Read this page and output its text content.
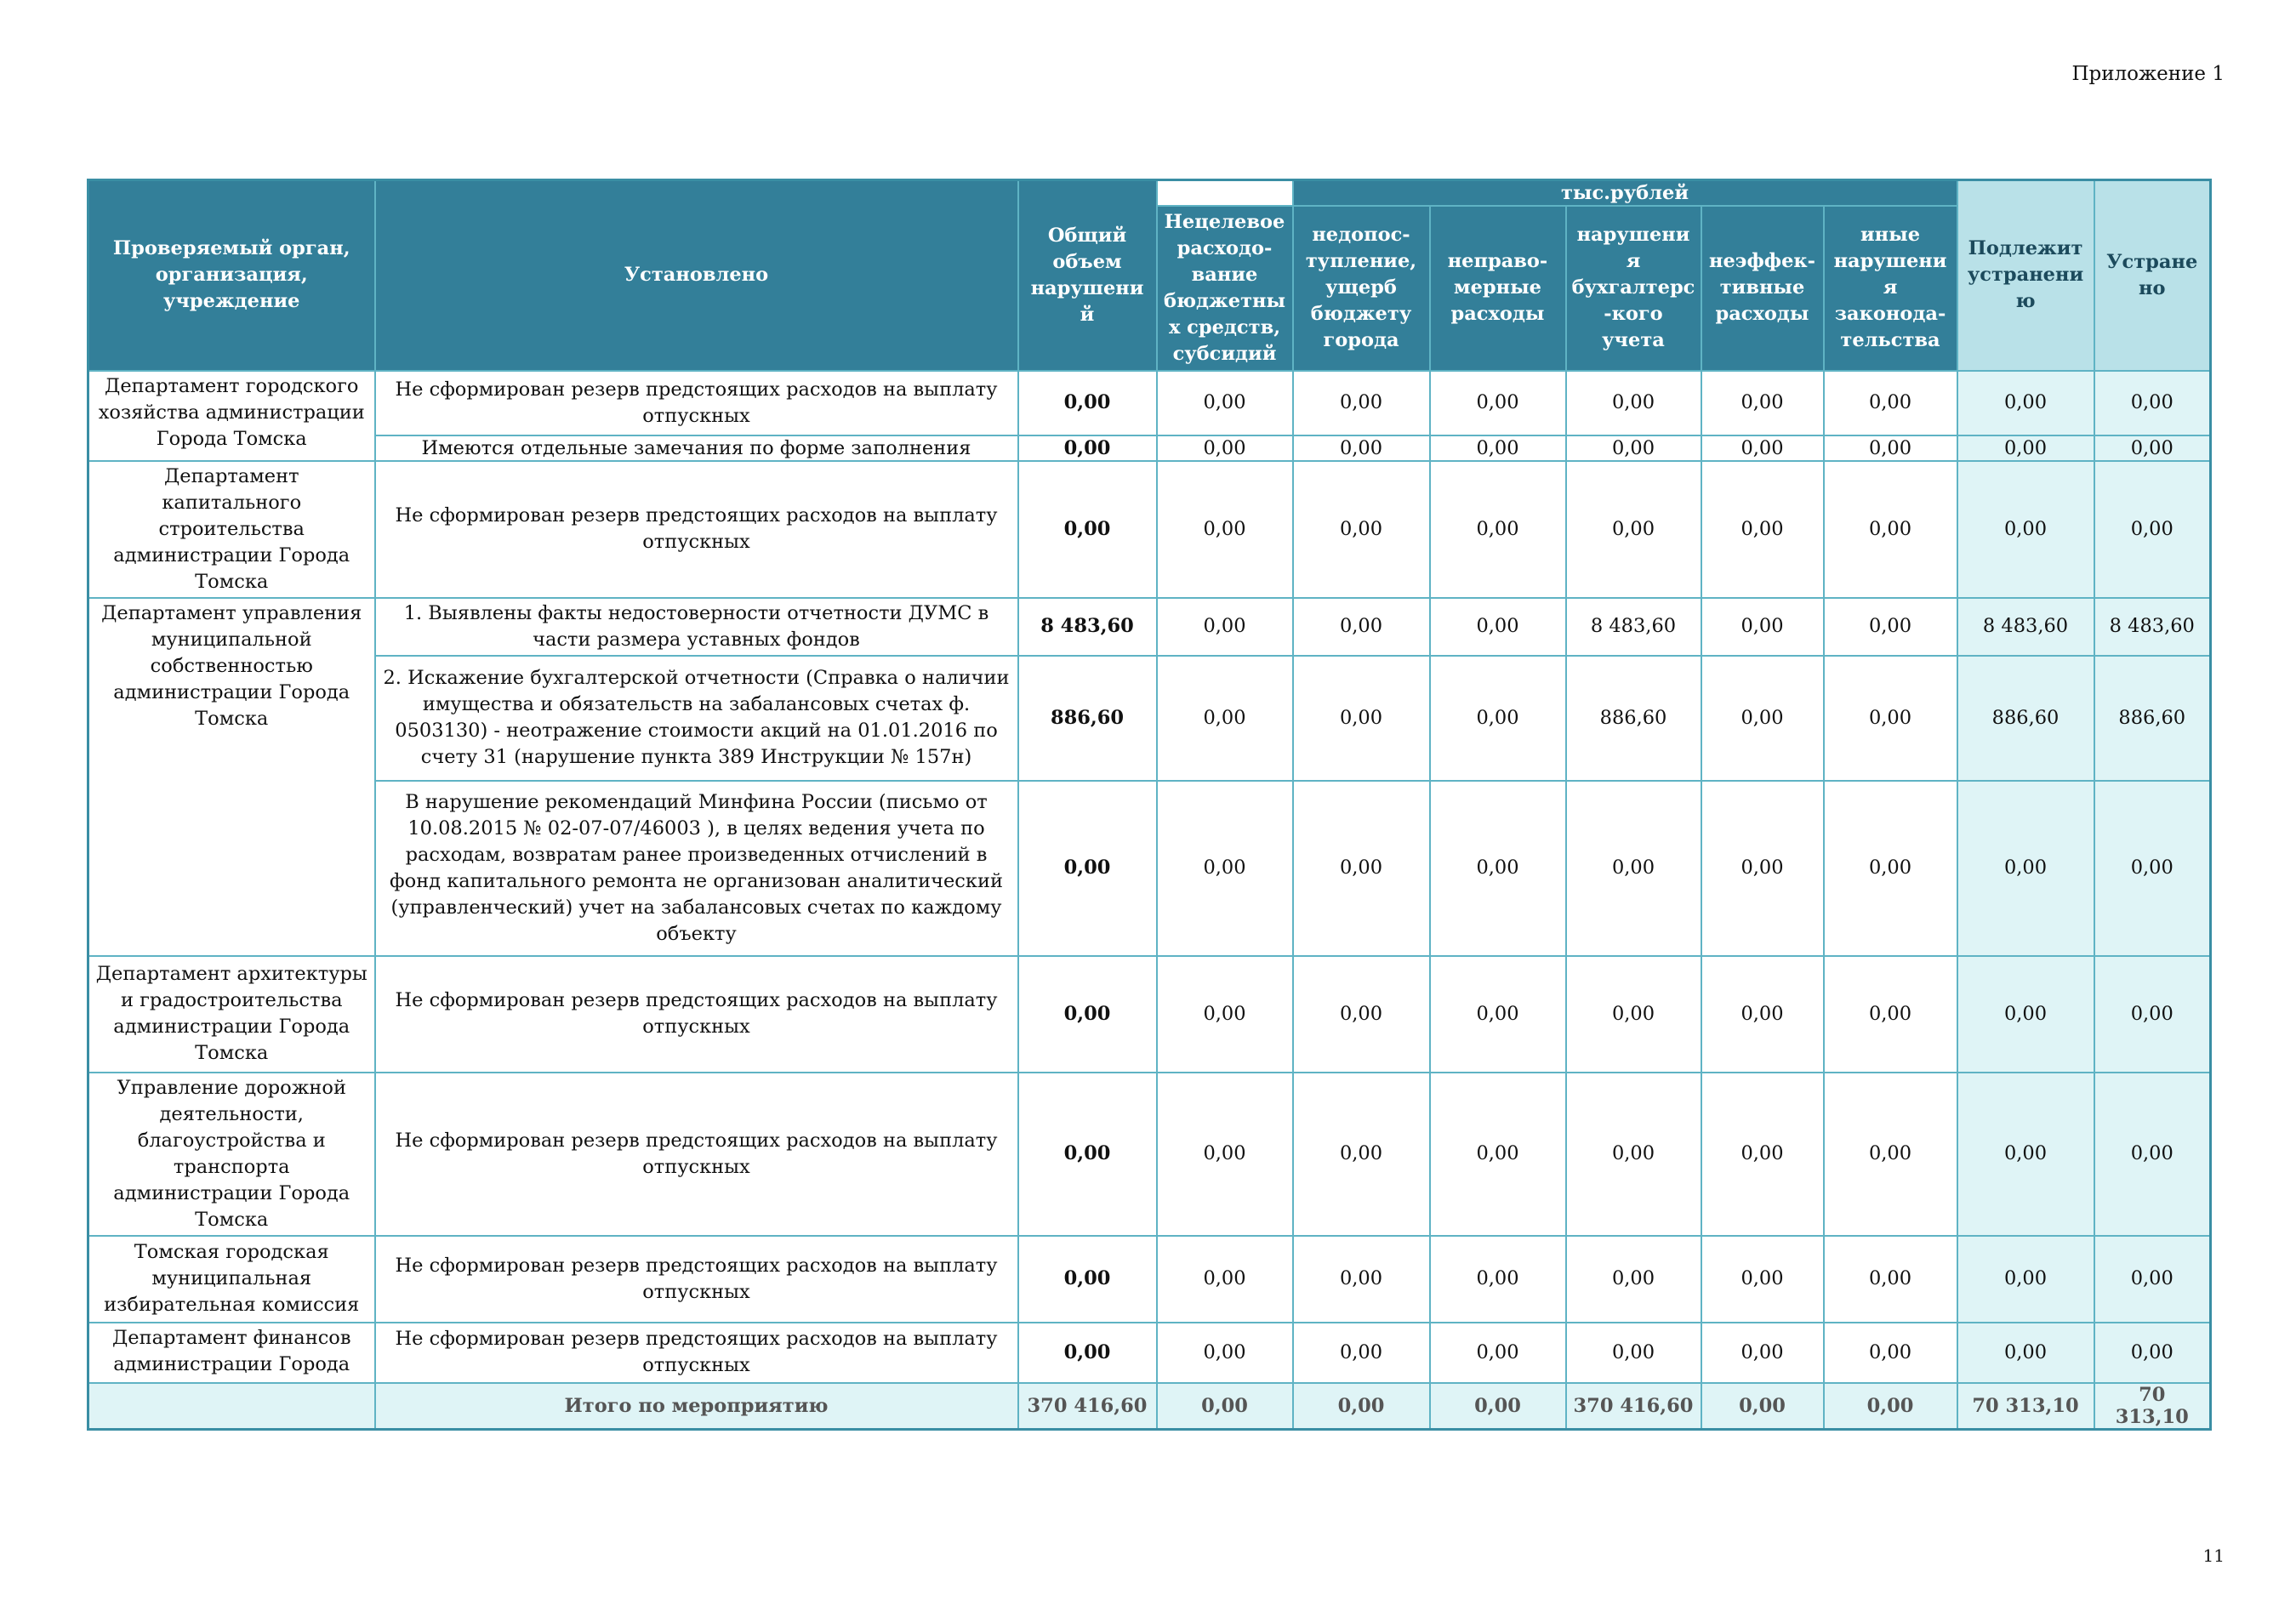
Приложение 1
Проверяемый орган, организация, учреждение	Установлено	Общий объем нарушений		тыс.рублей					Подлежит устранению	Устранено
			Нецелевое расходо-вание бюджетных средств, субсидий	недопос-тупление, ущерб бюджету города	неправо-мерные расходы	нарушения бухгалтерс-кого учета	неэффек-тивные расходы	иные нарушения законода-тельства		
Департамент городского хозяйства администрации Города Томска	Не сформирован резерв предстоящих расходов на выплату отпускных	0,00	0,00	0,00	0,00	0,00	0,00	0,00	0,00	0,00
	Имеются отдельные замечания по форме заполнения	0,00	0,00	0,00	0,00	0,00	0,00	0,00	0,00	0,00
Департамент капитального строительства администрации Города Томска	Не сформирован резерв предстоящих расходов на выплату отпускных	0,00	0,00	0,00	0,00	0,00	0,00	0,00	0,00	0,00
Департамент управления муниципальной собственностью администрации Города Томска	1. Выявлены факты недостоверности отчетности ДУМС в части размера уставных фондов	8 483,60	0,00	0,00	0,00	8 483,60	0,00	0,00	8 483,60	8 483,60
	2. Искажение бухгалтерской отчетности (Справка о наличии имущества и обязательств на забалансовых счетах ф. 0503130) - неотражение стоимости акций на 01.01.2016 по счету 31 (нарушение пункта 389 Инструкции № 157н)	886,60	0,00	0,00	0,00	886,60	0,00	0,00	886,60	886,60
	В нарушение рекомендаций Минфина России (письмо от 10.08.2015 № 02-07-07/46003 ), в целях ведения учета по расходам, возвратам ранее произведенных отчислений в фонд капитального ремонта не организован аналитический (управленческий) учет на забалансовых счетах по каждому объекту	0,00	0,00	0,00	0,00	0,00	0,00	0,00	0,00	0,00
Департамент архитектуры и градостроительства администрации Города Томска	Не сформирован резерв предстоящих расходов на выплату отпускных	0,00	0,00	0,00	0,00	0,00	0,00	0,00	0,00	0,00
Управление дорожной деятельности, благоустройства и транспорта администрации Города Томска	Не сформирован резерв предстоящих расходов на выплату отпускных	0,00	0,00	0,00	0,00	0,00	0,00	0,00	0,00	0,00
Томская городская муниципальная избирательная комиссия	Не сформирован резерв предстоящих расходов на выплату отпускных	0,00	0,00	0,00	0,00	0,00	0,00	0,00	0,00	0,00
Департамент финансов администрации Города	Не сформирован резерв предстоящих расходов на выплату отпускных	0,00	0,00	0,00	0,00	0,00	0,00	0,00	0,00	0,00
	Итого по мероприятию	370 416,60	0,00	0,00	0,00	370 416,60	0,00	0,00	70 313,10	70 313,10
11
